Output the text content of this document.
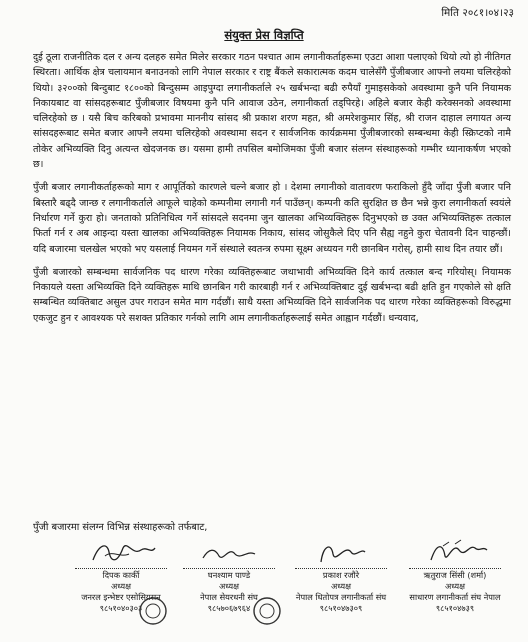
मिति २०८१।०४।२३
संयुक्त प्रेस विज्ञप्ति

दुई ठूला राजनीतिक दल र अन्य दलहरु समेत मिलेर सरकार गठन पश्चात आम लगानीकर्ताहरूमा एउटा आशा पलाएको थियो त्यो हो नीतिगत स्थिरता। आर्थिक क्षेत्र चलायमान बनाउनको लागि नेपाल सरकार र राष्ट्र बैंकले सकारात्मक कदम चालेसँगै पुँजीबजार आफ्नो लयमा चलिरहेको थियो। ३२००को बिन्दुबाट १८००को बिन्दुसम्म आइपुग्दा लगानीकर्ताले २५ खर्बभन्दा बढी रुपैयाँ गुमाइसकेको अवस्थामा कुनै पनि नियामक निकायबाट वा सांसदहरूबाट पुँजीबजार विषयमा कुनै पनि आवाज उठेन, लगानीकर्ता तड्पिरहे। अहिले बजार केही करेक्सनको अवस्थामा चलिरहेको छ । यसै बिच करिबको प्रभावमा माननीय सांसद श्री प्रकाश शरण महत, श्री अमरेशकुमार सिंह, श्री राजन दाहाल लगायत अन्य सांसदहरूबाट समेत बजार आफ्नै लयमा चलिरहेको अवस्थामा सदन र सार्वजनिक कार्यक्रममा पुँजीबजारको सम्बन्धमा केही स्क्रिप्टको नामै तोकेर अभिव्यक्ति दिनु अत्यन्त खेदजनक छ। यसमा हामी तपसिल बमोजिमका पुँजी बजार संलग्न संस्थाहरूको गम्भीर ध्यानाकर्षण भएको छ।

पुँजी बजार लगानीकर्ताहरूको माग र आपूर्तिको कारणले चल्ने बजार हो । देशमा लगानीको वातावरण फराकिलो हुँदै जाँदा पुँजी बजार पनि बिस्तारै बढ्दै जान्छ र लगानीकर्ताले आफूले चाहेको कम्पनीमा लगानी गर्न पाउँछन्। कम्पनी कति सुरक्षित छ छैन भन्ने कुरा लगानीकर्ता स्वयंले निर्धारण गर्ने कुरा हो। जनताको प्रतिनिधित्व गर्ने सांसदले सदनमा जुन खालका अभिव्यक्तिहरू दिनुभएको छ उक्त अभिव्यक्तिहरू तत्काल फिर्ता गर्न र अब आइन्दा यस्ता खालका अभिव्यक्तिहरू नियामक निकाय, सांसद जोसुकैले दिए पनि सैह्य नहुने कुरा चेतावनी दिन चाहन्छौं। यदि बजारमा चलखेल भएको भए यसलाई नियमन गर्ने संस्थाले स्वतन्त्र रुपमा सूक्ष्म अध्ययन गरी छानबिन गरोस्, हामी साथ दिन तयार छौं।

पुँजी बजारको सम्बन्धमा सार्वजनिक पद धारण गरेका व्यक्तिहरूबाट जथाभावी अभिव्यक्ति दिने कार्य तत्काल बन्द गरियोस्। नियामक निकायले यस्ता अभिव्यक्ति दिने व्यक्तिहरू माथि छानबिन गरी कारबाही गर्न र अभिव्यक्तिबाट दुई खर्बभन्दा बढी क्षति हुन गएकोले सो क्षति सम्बन्धित व्यक्तिबाट असुल उपर गराउन समेत माग गर्दछौं। साथै यस्ता अभिव्यक्ति दिने सार्वजनिक पद धारण गरेका व्यक्तिहरूको विरुद्धमा एकजुट हुन र आवश्यक परे सशक्त प्रतिकार गर्नको लागि आम लगानीकर्ताहरूलाई समेत आह्वान गर्दछौं। धन्यवाद,

पुँजी बजारमा संलग्न विभिन्न संस्थाहरूको तर्फबाट,
दिपक कार्की
अध्यक्ष
जनरल इन्भेष्टर एसोसियसन
९८५१०४०३०३
घनश्याम पाण्डे
अध्यक्ष
नेपाल सेयरधनी संघ
९८५७०६७९६४
प्रकाश रजौरे
अध्यक्ष
नेपाल धितोपत्र लगानीकर्ता संघ
९८५१०४७३०९
ऋतुराज सिंसी (शर्मा)
अध्यक्ष
साधारण लगानीकर्ता संघ नेपाल
९८५१०४७३९
